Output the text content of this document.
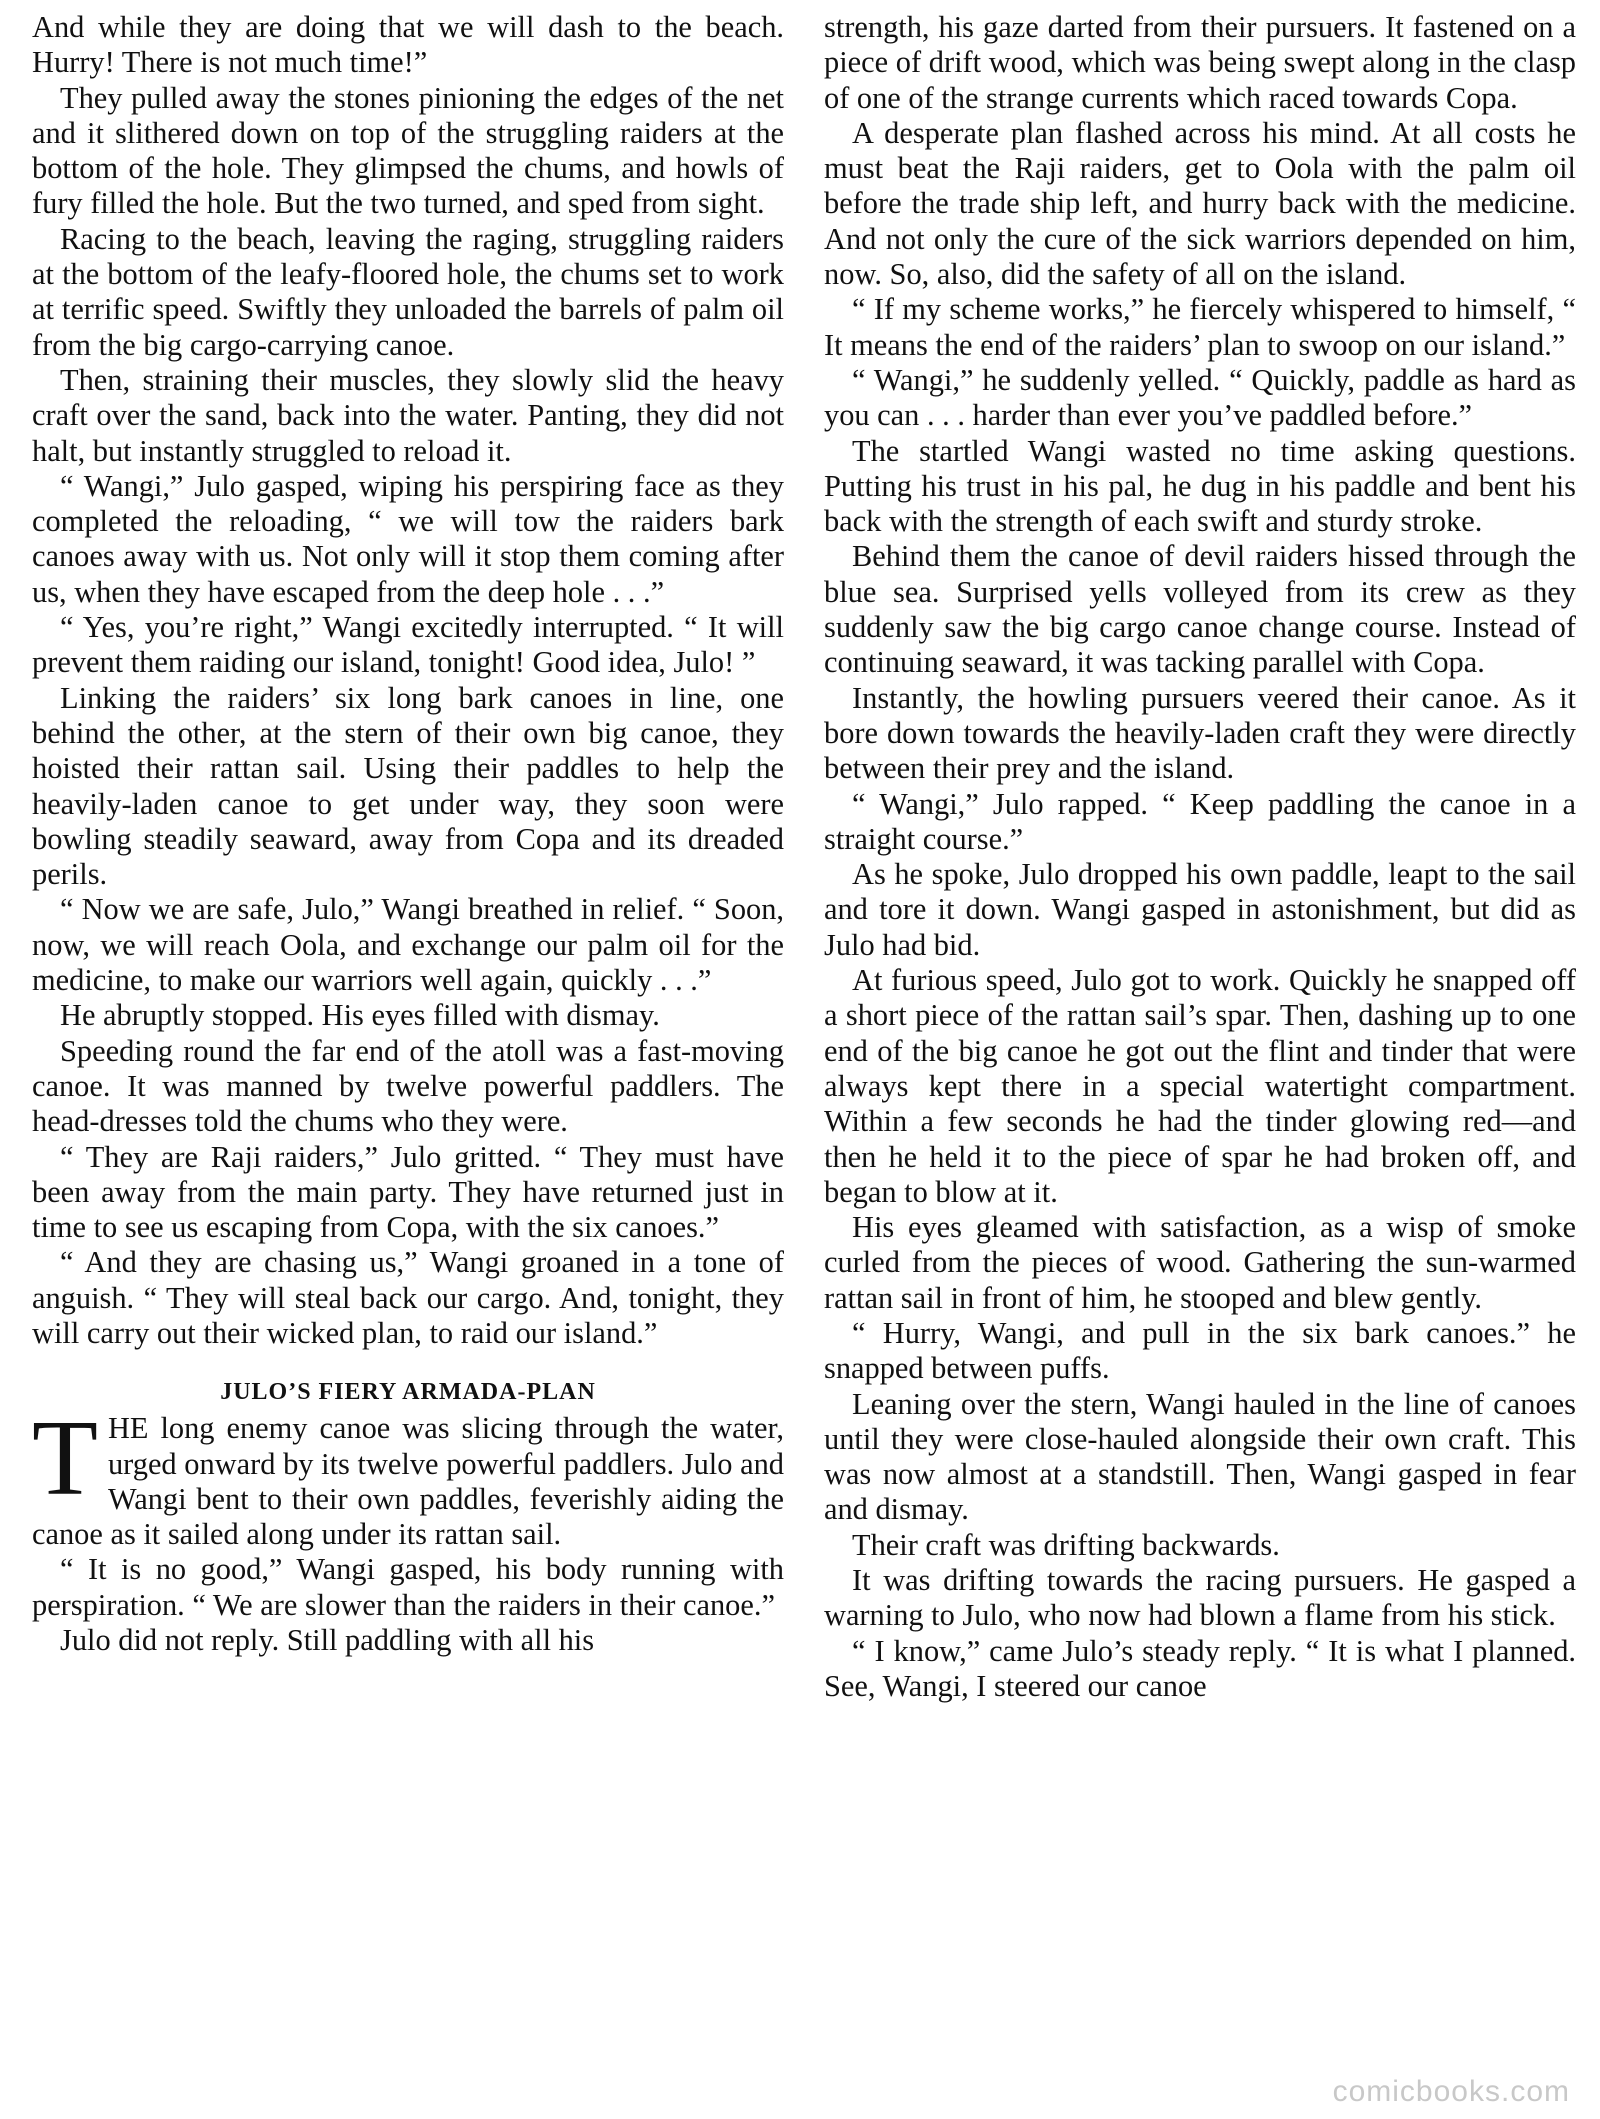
And while they are doing that we will dash to the beach. Hurry! There is not much time!”

They pulled away the stones pinioning the edges of the net and it slithered down on top of the struggling raiders at the bottom of the hole. They glimpsed the chums, and howls of fury filled the hole. But the two turned, and sped from sight.

Racing to the beach, leaving the raging, struggling raiders at the bottom of the leafy-floored hole, the chums set to work at terrific speed. Swiftly they unloaded the barrels of palm oil from the big cargo-carrying canoe.

Then, straining their muscles, they slowly slid the heavy craft over the sand, back into the water. Panting, they did not halt, but instantly struggled to reload it.

“ Wangi,” Julo gasped, wiping his perspiring face as they completed the reloading, “ we will tow the raiders bark canoes away with us. Not only will it stop them coming after us, when they have escaped from the deep hole . . .”

“ Yes, you’re right,” Wangi excitedly interrupted. “ It will prevent them raiding our island, tonight! Good idea, Julo! ”

Linking the raiders’ six long bark canoes in line, one behind the other, at the stern of their own big canoe, they hoisted their rattan sail. Using their paddles to help the heavily-laden canoe to get under way, they soon were bowling steadily seaward, away from Copa and its dreaded perils.

“ Now we are safe, Julo,” Wangi breathed in relief. “ Soon, now, we will reach Oola, and exchange our palm oil for the medicine, to make our warriors well again, quickly . . .”

He abruptly stopped. His eyes filled with dismay.

Speeding round the far end of the atoll was a fast-moving canoe. It was manned by twelve powerful paddlers. The head-dresses told the chums who they were.

“ They are Raji raiders,” Julo gritted. “ They must have been away from the main party. They have returned just in time to see us escaping from Copa, with the six canoes.”

“ And they are chasing us,” Wangi groaned in a tone of anguish. “ They will steal back our cargo. And, tonight, they will carry out their wicked plan, to raid our island.”

JULO’S FIERY ARMADA-PLAN

T HE long enemy canoe was slicing through the water, urged onward by its twelve powerful paddlers. Julo and Wangi bent to their own paddles, feverishly aiding the canoe as it sailed along under its rattan sail.

“ It is no good,” Wangi gasped, his body running with perspiration. “ We are slower than the raiders in their canoe.”

Julo did not reply. Still paddling with all his

strength, his gaze darted from their pursuers. It fastened on a piece of drift wood, which was being swept along in the clasp of one of the strange currents which raced towards Copa.

A desperate plan flashed across his mind. At all costs he must beat the Raji raiders, get to Oola with the palm oil before the trade ship left, and hurry back with the medicine. And not only the cure of the sick warriors depended on him, now. So, also, did the safety of all on the island.

“ If my scheme works,” he fiercely whispered to himself, “ It means the end of the raiders’ plan to swoop on our island.”

“ Wangi,” he suddenly yelled. “ Quickly, paddle as hard as you can . . . harder than ever you’ve paddled before.”

The startled Wangi wasted no time asking questions. Putting his trust in his pal, he dug in his paddle and bent his back with the strength of each swift and sturdy stroke.

Behind them the canoe of devil raiders hissed through the blue sea. Surprised yells volleyed from its crew as they suddenly saw the big cargo canoe change course. Instead of continuing seaward, it was tacking parallel with Copa.

Instantly, the howling pursuers veered their canoe. As it bore down towards the heavily-laden craft they were directly between their prey and the island.

“ Wangi,” Julo rapped. “ Keep paddling the canoe in a straight course.”

As he spoke, Julo dropped his own paddle, leapt to the sail and tore it down. Wangi gasped in astonishment, but did as Julo had bid.

At furious speed, Julo got to work. Quickly he snapped off a short piece of the rattan sail’s spar. Then, dashing up to one end of the big canoe he got out the flint and tinder that were always kept there in a special watertight compartment. Within a few seconds he had the tinder glowing red—and then he held it to the piece of spar he had broken off, and began to blow at it.

His eyes gleamed with satisfaction, as a wisp of smoke curled from the pieces of wood. Gathering the sun-warmed rattan sail in front of him, he stooped and blew gently.

“ Hurry, Wangi, and pull in the six bark canoes.” he snapped between puffs.

Leaning over the stern, Wangi hauled in the line of canoes until they were close-hauled alongside their own craft. This was now almost at a standstill. Then, Wangi gasped in fear and dismay.

Their craft was drifting backwards.

It was drifting towards the racing pursuers. He gasped a warning to Julo, who now had blown a flame from his stick.

“ I know,” came Julo’s steady reply. “ It is what I planned. See, Wangi, I steered our canoe

comicbooks.com
